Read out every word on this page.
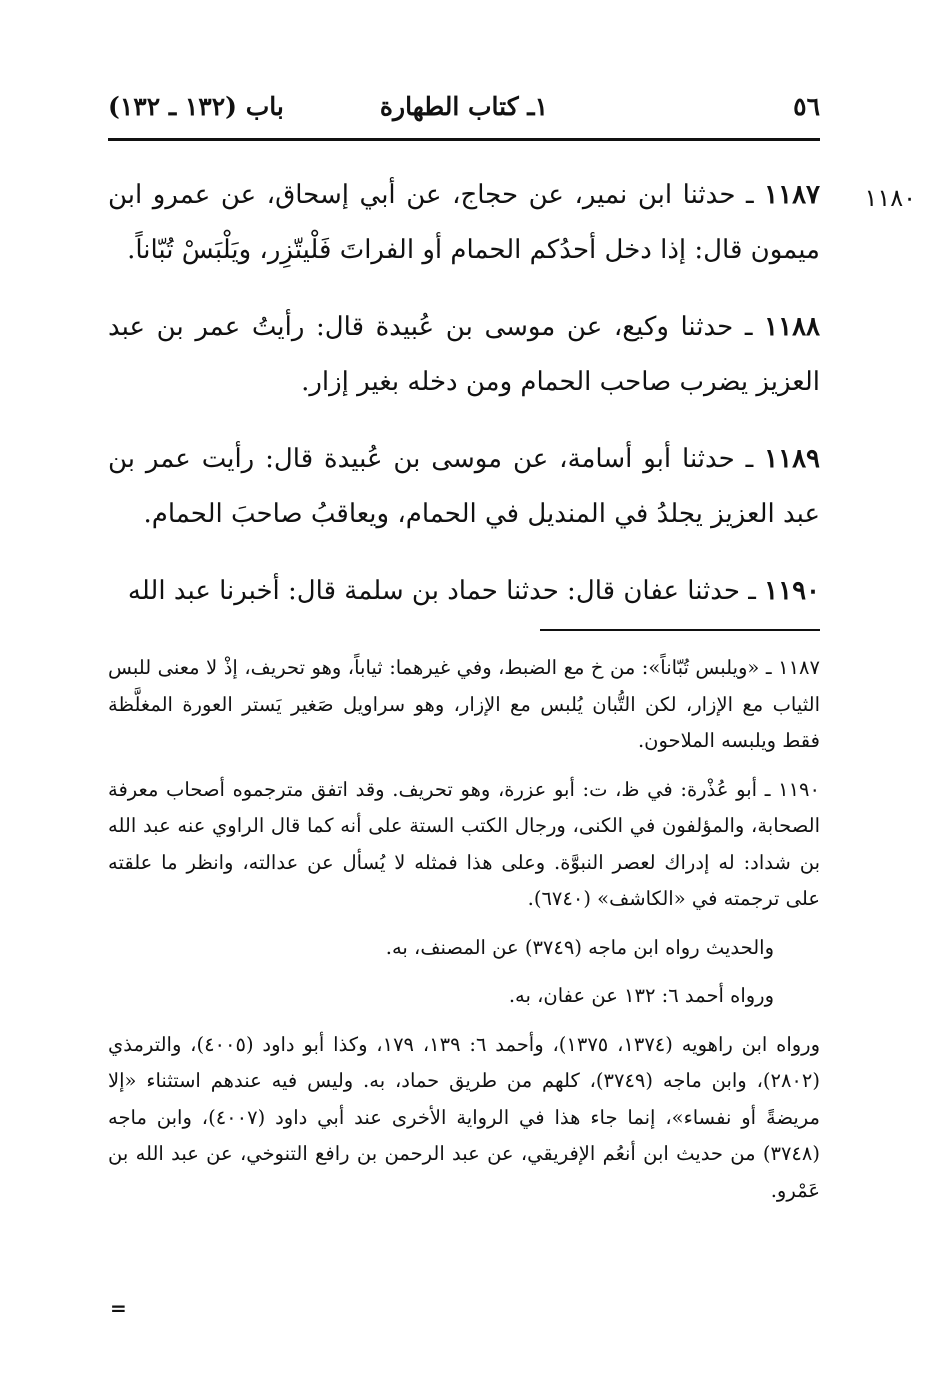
٥٦
١ـ كتاب الطهارة
باب (١٣٢ ـ ١٣٢)
١١٨٠

١١٨٧ ـ حدثنا ابن نمير، عن حجاج، عن أبي إسحاق، عن عمرو ابن ميمون قال: إذا دخل أحدُكم الحمام أو الفراتَ فَلْيتّزِر، ويَلْبَسْ تُبّاناً.

١١٨٨ ـ حدثنا وكيع، عن موسى بن عُبيدة قال: رأيتُ عمر بن عبد العزيز يضرب صاحب الحمام ومن دخله بغير إزار.

١١٨٩ ـ حدثنا أبو أسامة، عن موسى بن عُبيدة قال: رأيت عمر بن عبد العزيز يجلدُ في المنديل في الحمام، ويعاقبُ صاحبَ الحمام.

١١٩٠ ـ حدثنا عفان قال: حدثنا حماد بن سلمة قال: أخبرنا عبد الله

١١٨٧ ـ «ويلبس تُبّاناً»: من خ مع الضبط، وفي غيرهما: ثياباً، وهو تحريف، إذْ لا معنى للبس الثياب مع الإزار، لكن التُّبان يُلبس مع الإزار، وهو سراويل صَغير يَستر العورة المغلَّظة فقط ويلبسه الملاحون.

١١٩٠ ـ أبو عُذْرة: في ظ، ت: أبو عزرة، وهو تحريف. وقد اتفق مترجموه أصحاب معرفة الصحابة، والمؤلفون في الكنى، ورجال الكتب الستة على أنه كما قال الراوي عنه عبد الله بن شداد: له إدراك لعصر النبوَّة. وعلى هذا فمثله لا يُسأل عن عدالته، وانظر ما علقته على ترجمته في «الكاشف» (٦٧٤٠).

والحديث رواه ابن ماجه (٣٧٤٩) عن المصنف، به.

ورواه أحمد ٦: ١٣٢ عن عفان، به.

ورواه ابن راهويه (١٣٧٤، ١٣٧٥)، وأحمد ٦: ١٣٩، ١٧٩، وكذا أبو داود (٤٠٠٥)، والترمذي (٢٨٠٢)، وابن ماجه (٣٧٤٩)، كلهم من طريق حماد، به. وليس فيه عندهم استثناء «إلا مريضةً أو نفساء»، إنما جاء هذا في الرواية الأخرى عند أبي داود (٤٠٠٧)، وابن ماجه (٣٧٤٨) من حديث ابن أنعُم الإفريقي، عن عبد الرحمن بن رافع التنوخي، عن عبد الله بن عَمْرو.

=
